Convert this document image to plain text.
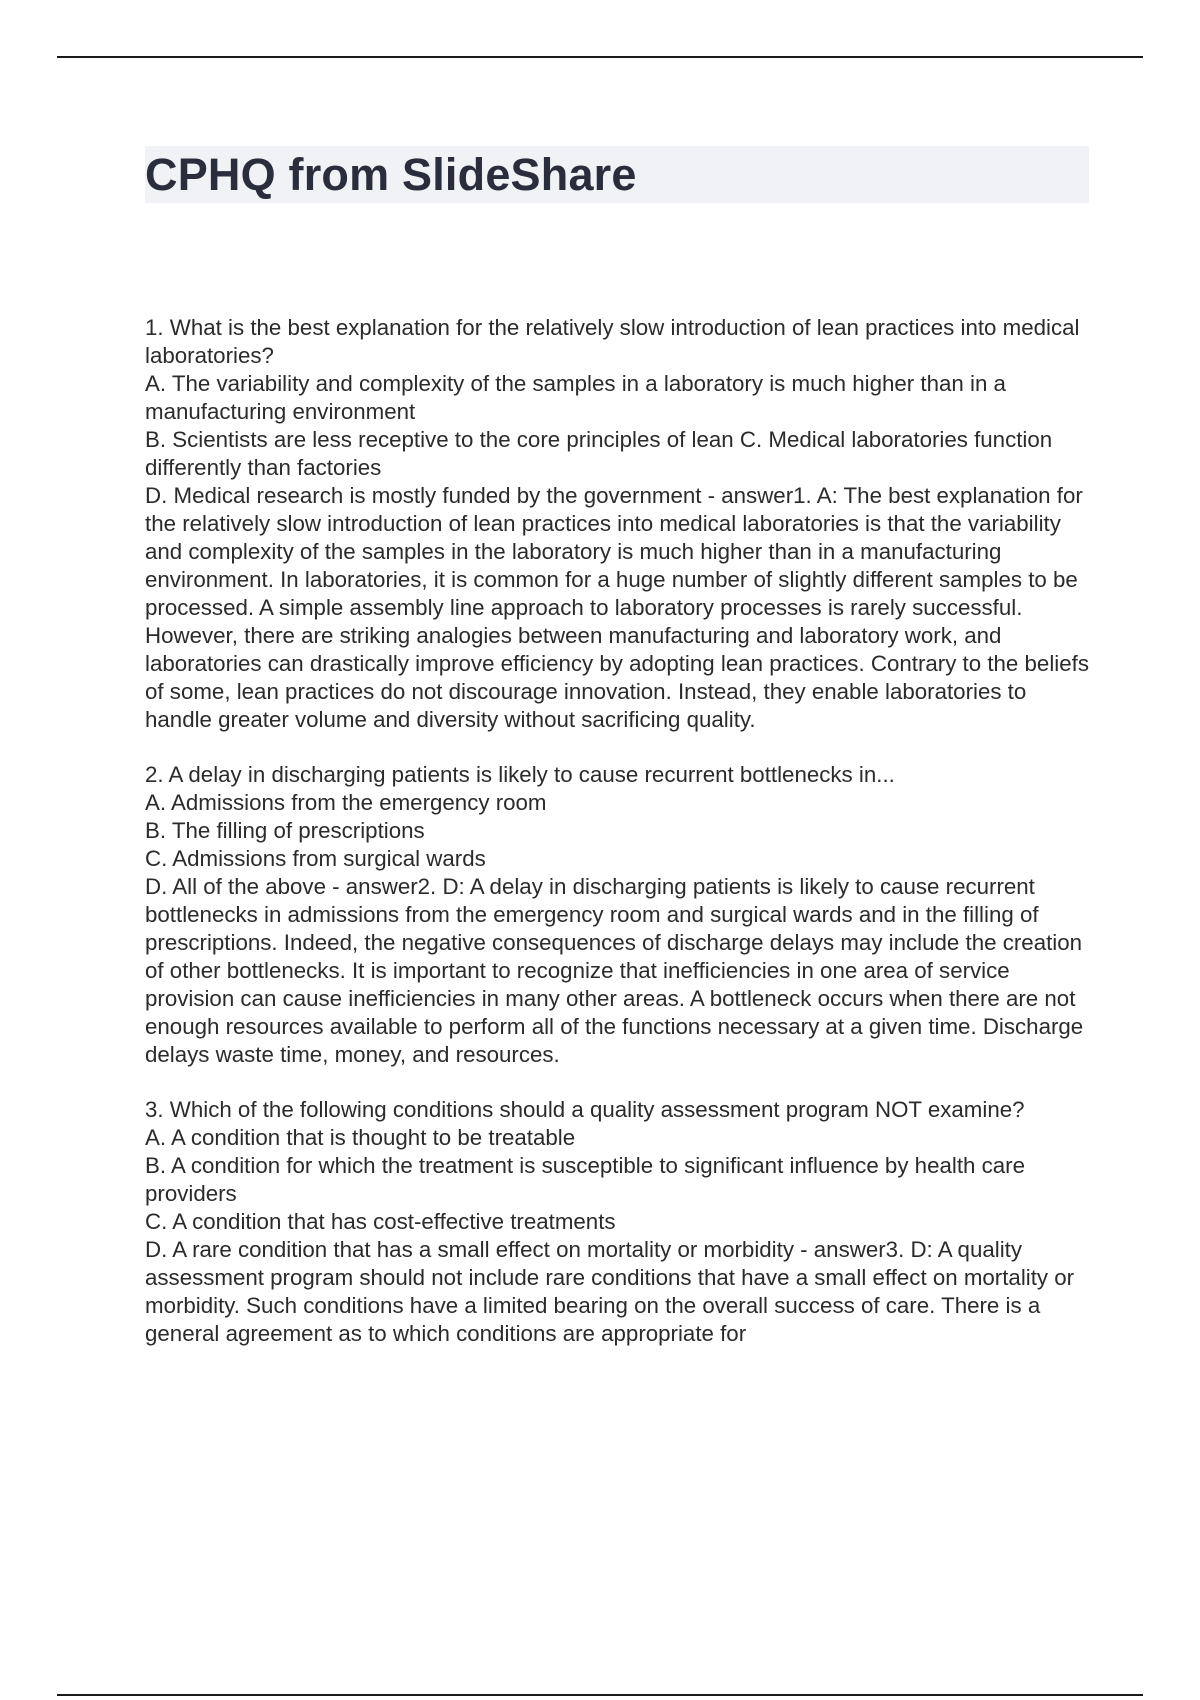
CPHQ from SlideShare

1. What is the best explanation for the relatively slow introduction of lean practices into medical laboratories?

A. The variability and complexity of the samples in a laboratory is much higher than in a manufacturing environment

B. Scientists are less receptive to the core principles of lean C. Medical laboratories function differently than factories

D. Medical research is mostly funded by the government - answer1. A: The best explanation for the relatively slow introduction of lean practices into medical laboratories is that the variability and complexity of the samples in the laboratory is much higher than in a manufacturing environment. In laboratories, it is common for a huge number of slightly different samples to be processed. A simple assembly line approach to laboratory processes is rarely successful. However, there are striking analogies between manufacturing and laboratory work, and laboratories can drastically improve efficiency by adopting lean practices. Contrary to the beliefs of some, lean practices do not discourage innovation. Instead, they enable laboratories to handle greater volume and diversity without sacrificing quality.

2. A delay in discharging patients is likely to cause recurrent bottlenecks in...

A. Admissions from the emergency room

B. The filling of prescriptions

C. Admissions from surgical wards

D. All of the above - answer2. D: A delay in discharging patients is likely to cause recurrent bottlenecks in admissions from the emergency room and surgical wards and in the filling of prescriptions. Indeed, the negative consequences of discharge delays may include the creation of other bottlenecks. It is important to recognize that inefficiencies in one area of service provision can cause inefficiencies in many other areas. A bottleneck occurs when there are not enough resources available to perform all of the functions necessary at a given time. Discharge delays waste time, money, and resources.

3. Which of the following conditions should a quality assessment program NOT examine?

A. A condition that is thought to be treatable

B. A condition for which the treatment is susceptible to significant influence by health care providers

C. A condition that has cost-effective treatments

D. A rare condition that has a small effect on mortality or morbidity - answer3. D: A quality assessment program should not include rare conditions that have a small effect on mortality or morbidity. Such conditions have a limited bearing on the overall success of care. There is a general agreement as to which conditions are appropriate for
